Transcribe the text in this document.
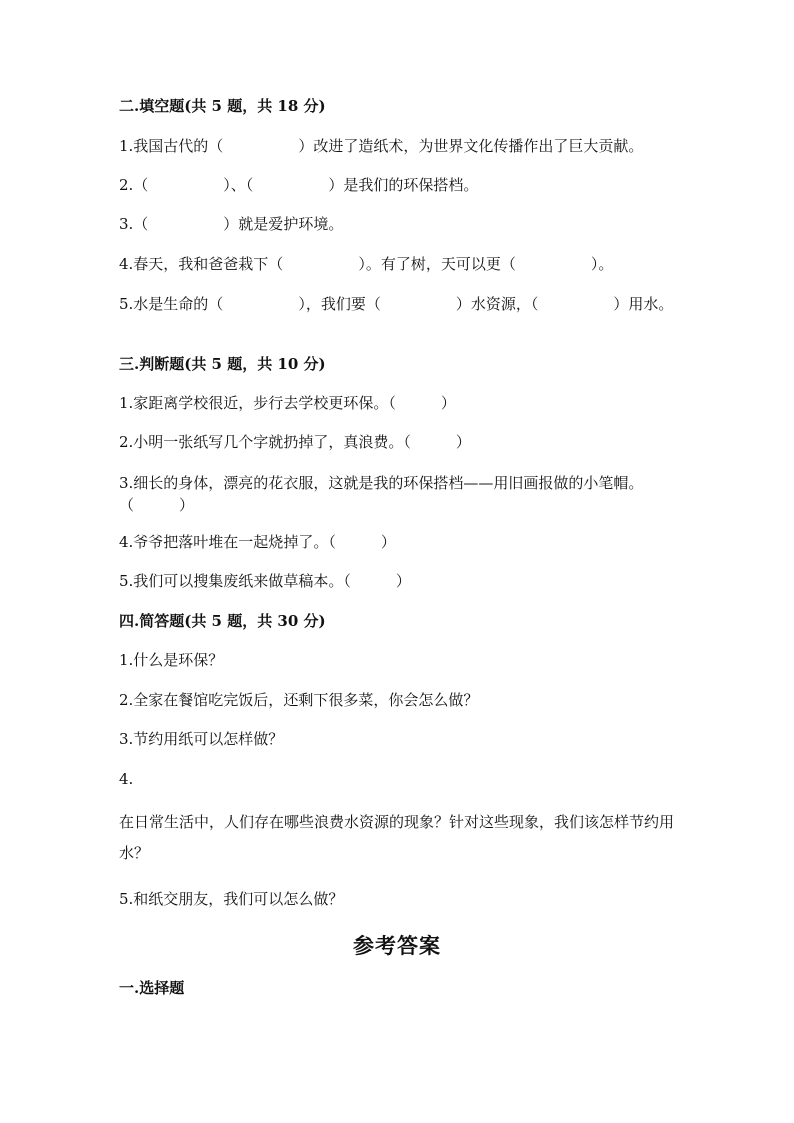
二.填空题(共 5 题，共 18 分)
1.我国古代的（　　　　　）改进了造纸术，为世界文化传播作出了巨大贡献。
2.（　　　　　）、（　　　　　）是我们的环保搭档。
3.（　　　　　）就是爱护环境。
4.春天，我和爸爸栽下（　　　　　）。有了树，天可以更（　　　　　）。
5.水是生命的（　　　　　），我们要（　　　　　）水资源，（　　　　　）用水。
三.判断题(共 5 题，共 10 分)
1.家距离学校很近，步行去学校更环保。（　　　）
2.小明一张纸写几个字就扔掉了，真浪费。（　　　）
3.细长的身体，漂亮的花衣服，这就是我的环保搭档——用旧画报做的小笔帽。（　　　）
4.爷爷把落叶堆在一起烧掉了。（　　　）
5.我们可以搜集废纸来做草稿本。（　　　）
四.简答题(共 5 题，共 30 分)
1.什么是环保？
2.全家在餐馆吃完饭后，还剩下很多菜，你会怎么做？
3.节约用纸可以怎样做？
4.
在日常生活中，人们存在哪些浪费水资源的现象？针对这些现象，我们该怎样节约用水？
5.和纸交朋友，我们可以怎么做？
参考答案
一.选择题
